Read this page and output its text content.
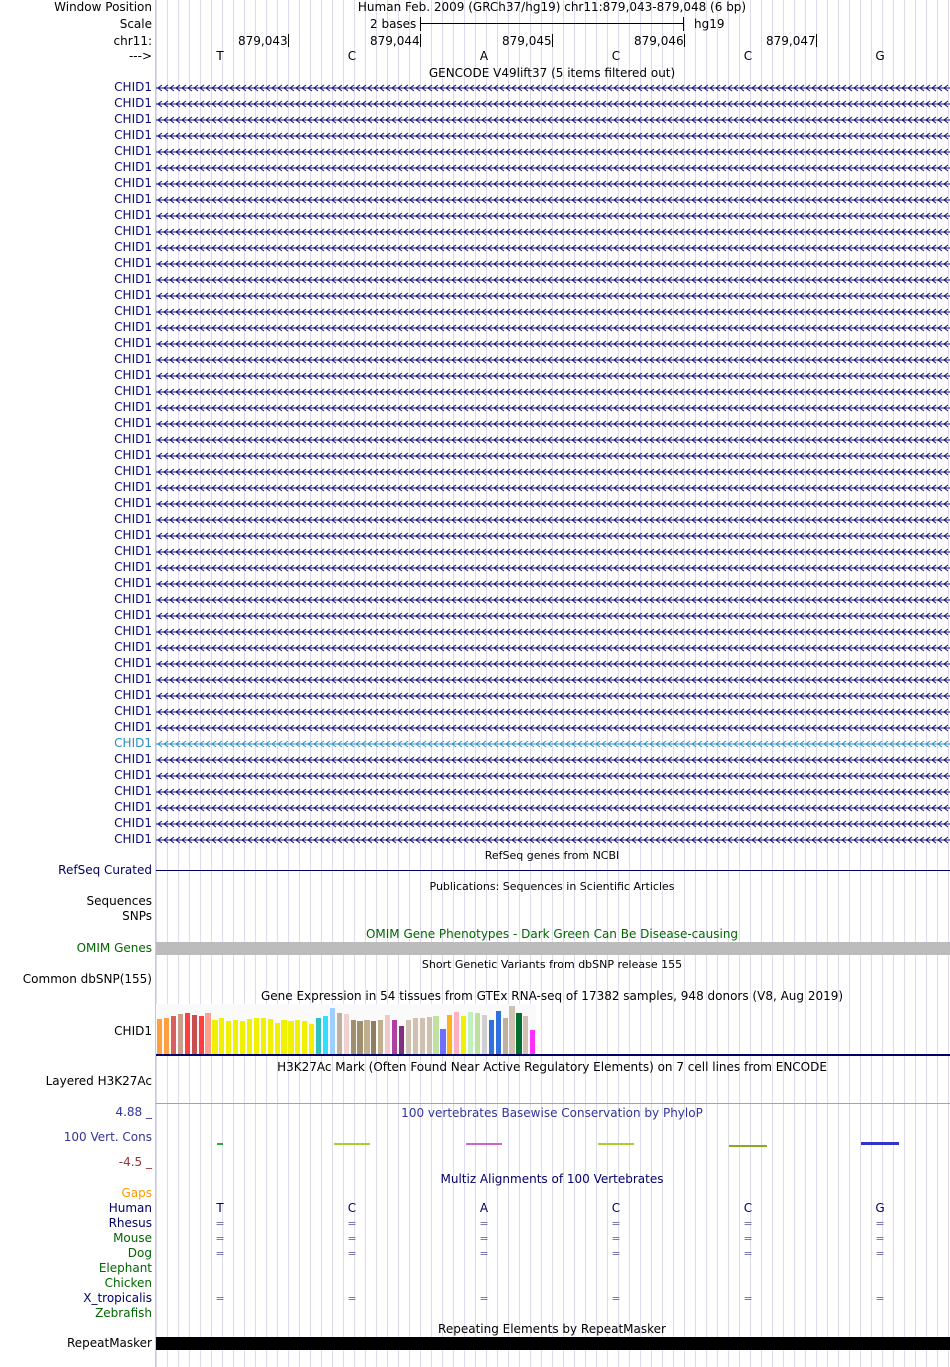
Window Position	Human Feb. 2009 (GRCh37/hg19) chr11:879,043-879,048 (6 bp)
Scale	2 bases	hg19
chr11:	879,043	879,044	879,045	879,046	879,047
--->	T	C	A	C	C	G
GENCODE V49lift37 (5 items filtered out)
CHID1
CHID1
CHID1
CHID1
CHID1
CHID1
CHID1
CHID1
CHID1
CHID1
CHID1
CHID1
CHID1
CHID1
CHID1
CHID1
CHID1
CHID1
CHID1
CHID1
CHID1
CHID1
CHID1
CHID1
CHID1
CHID1
CHID1
CHID1
CHID1
CHID1
CHID1
CHID1
CHID1
CHID1
CHID1
CHID1
CHID1
CHID1
CHID1
CHID1
CHID1
CHID1
CHID1
CHID1
CHID1
CHID1
CHID1
CHID1
RefSeq genes from NCBI
RefSeq Curated
Publications: Sequences in Scientific Articles
Sequences
SNPs
OMIM Gene Phenotypes - Dark Green Can Be Disease-causing
OMIM Genes
Short Genetic Variants from dbSNP release 155
Common dbSNP(155)
Gene Expression in 54 tissues from GTEx RNA-seq of 17382 samples, 948 donors (V8, Aug 2019)
CHID1
H3K27Ac Mark (Often Found Near Active Regulatory Elements) on 7 cell lines from ENCODE
Layered H3K27Ac
100 vertebrates Basewise Conservation by PhyloP
4.88 _
100 Vert. Cons
-4.5 _
Multiz Alignments of 100 Vertebrates
Gaps
Human	T	C	A	C	C	G
Rhesus	=	=	=	=	=	=
Mouse	=	=	=	=	=	=
Dog	=	=	=	=	=	=
Elephant
Chicken
X_tropicalis	=	=	=	=	=	=
Zebrafish
Repeating Elements by RepeatMasker
RepeatMasker
